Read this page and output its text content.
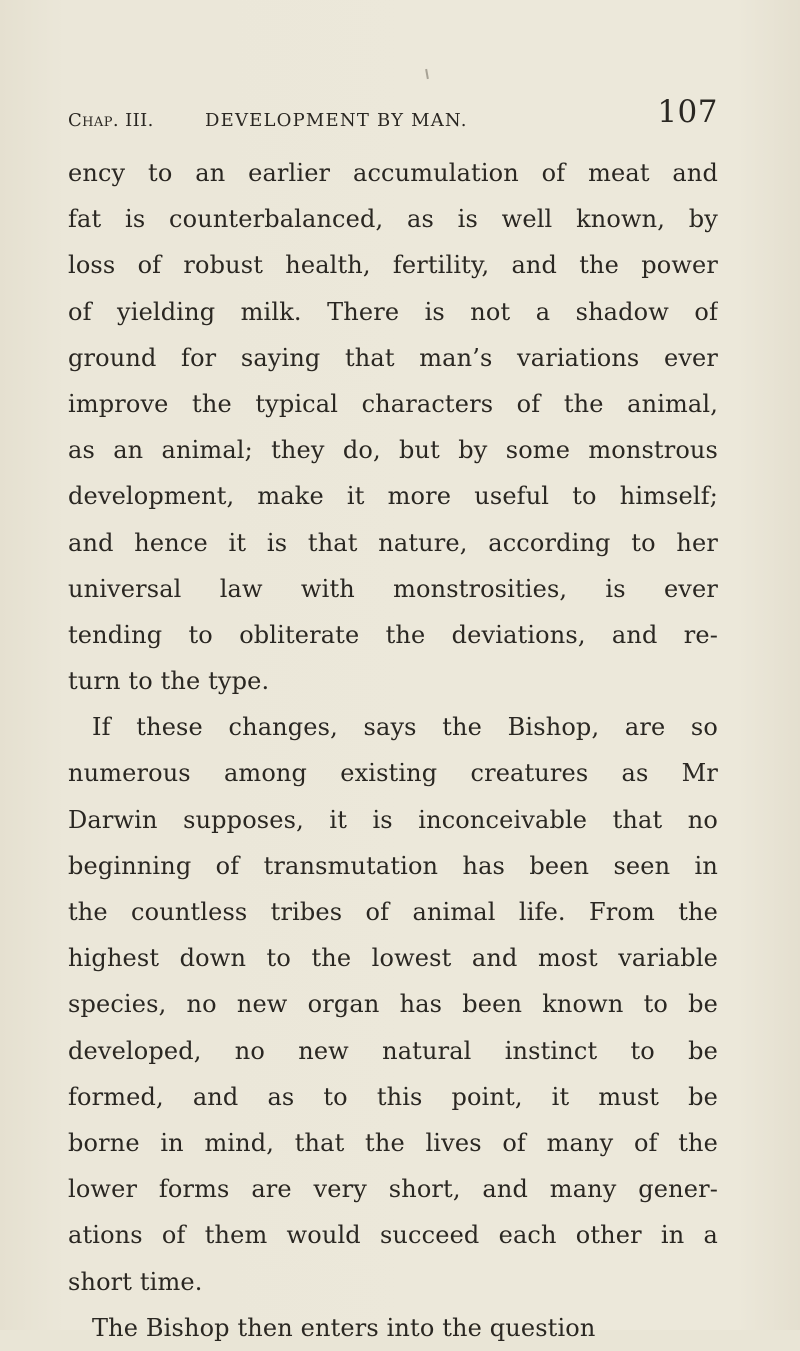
Chap. III.	DEVELOPMENT BY MAN.	107
ency to an earlier accumulation of meat and
fat is counterbalanced, as is well known, by
loss of robust health, fertility, and the power
of yielding milk. There is not a shadow of
ground for saying that man’s variations ever
improve the typical characters of the animal,
as an animal; they do, but by some monstrous
development, make it more useful to himself;
and hence it is that nature, according to her
universal law with monstrosities, is ever
tending to obliterate the deviations, and re-
turn to the type.
If these changes, says the Bishop, are so
numerous among existing creatures as Mr
Darwin supposes, it is inconceivable that no
beginning of transmutation has been seen in
the countless tribes of animal life. From the
highest down to the lowest and most variable
species, no new organ has been known to be
developed, no new natural instinct to be
formed, and as to this point, it must be
borne in mind, that the lives of many of the
lower forms are very short, and many gener-
ations of them would succeed each other in a
short time.
The Bishop then enters into the question
